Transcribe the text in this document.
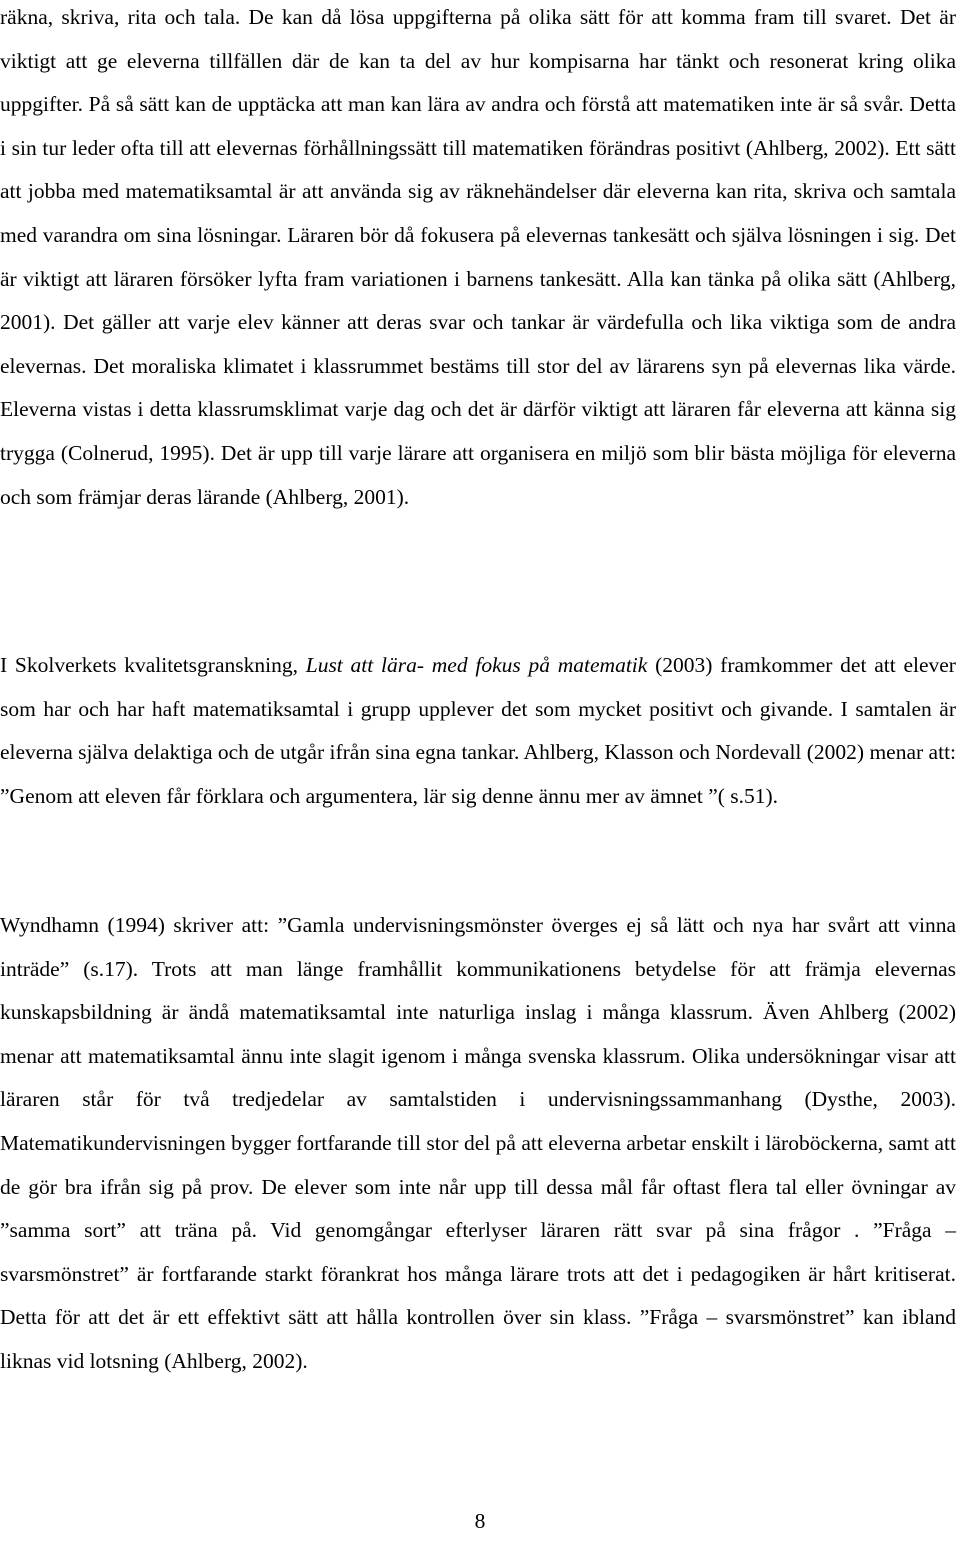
räkna, skriva, rita och tala. De kan då lösa uppgifterna på olika sätt för att komma fram till svaret. Det är viktigt att ge eleverna tillfällen där de kan ta del av hur kompisarna har tänkt och resonerat kring olika uppgifter. På så sätt kan de upptäcka att man kan lära av andra och förstå att matematiken inte är så svår. Detta i sin tur leder ofta till att elevernas förhållningssätt till matematiken förändras positivt (Ahlberg, 2002). Ett sätt att jobba med matematiksamtal är att använda sig av räknehändelser där eleverna kan rita, skriva och samtala med varandra om sina lösningar. Läraren bör då fokusera på elevernas tankesätt och själva lösningen i sig. Det är viktigt att läraren försöker lyfta fram variationen i barnens tankesätt. Alla kan tänka på olika sätt (Ahlberg, 2001). Det gäller att varje elev känner att deras svar och tankar är värdefulla och lika viktiga som de andra elevernas. Det moraliska klimatet i klassrummet bestäms till stor del av lärarens syn på elevernas lika värde. Eleverna vistas i detta klassrumsklimat varje dag och det är därför viktigt att läraren får eleverna att känna sig trygga (Colnerud, 1995). Det är upp till varje lärare att organisera en miljö som blir bästa möjliga för eleverna och som främjar deras lärande (Ahlberg, 2001).

I Skolverkets kvalitetsgranskning, Lust att lära- med fokus på matematik (2003) framkommer det att elever som har och har haft matematiksamtal i grupp upplever det som mycket positivt och givande. I samtalen är eleverna själva delaktiga och de utgår ifrån sina egna tankar. Ahlberg, Klasson och Nordevall (2002) menar att: ”Genom att eleven får förklara och argumentera, lär sig denne ännu mer av ämnet ”( s.51).

Wyndhamn (1994) skriver att: ”Gamla undervisningsmönster överges ej så lätt och nya har svårt att vinna inträde” (s.17). Trots att man länge framhållit kommunikationens betydelse för att främja elevernas kunskapsbildning är ändå matematiksamtal inte naturliga inslag i många klassrum. Även Ahlberg (2002) menar att matematiksamtal ännu inte slagit igenom i många svenska klassrum. Olika undersökningar visar att läraren står för två tredjedelar av samtalstiden i undervisningssammanhang (Dysthe, 2003). Matematikundervisningen bygger fortfarande till stor del på att eleverna arbetar enskilt i läroböckerna, samt att de gör bra ifrån sig på prov. De elever som inte når upp till dessa mål får oftast flera tal eller övningar av ”samma sort” att träna på. Vid genomgångar efterlyser läraren rätt svar på sina frågor . ”Fråga – svarsmönstret” är fortfarande starkt förankrat hos många lärare trots att det i pedagogiken är hårt kritiserat. Detta för att det är ett effektivt sätt att hålla kontrollen över sin klass. ”Fråga – svarsmönstret” kan ibland liknas vid lotsning (Ahlberg, 2002).

8
